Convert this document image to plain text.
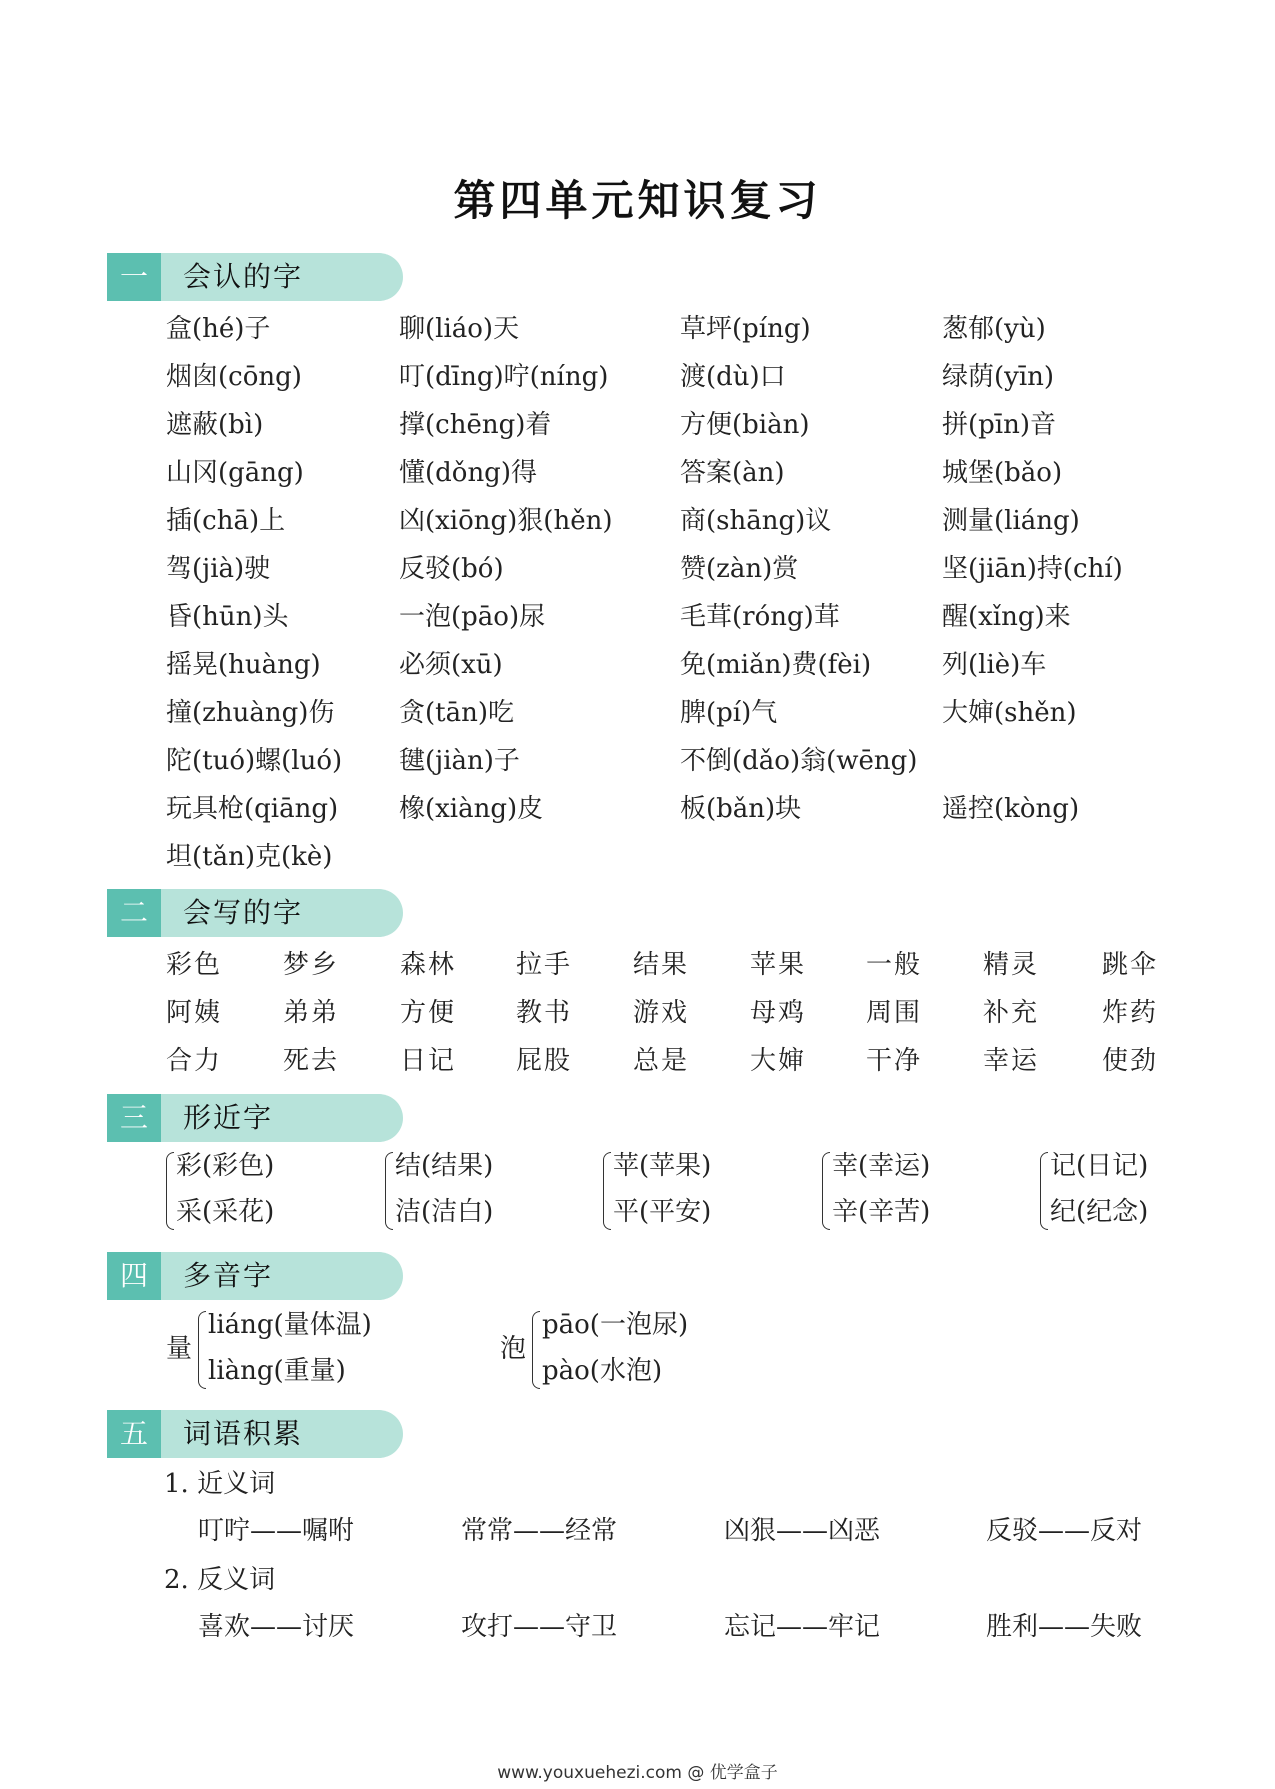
第四单元知识复习
一	会认的字
二	会写的字
三	形近字
四	多音字
五	词语积累
盒(hé)子	聊(liáo)天	草坪(píng)	葱郁(yù)
烟囱(cōng)	叮(dīng)咛(níng)	渡(dù)口	绿荫(yīn)
遮蔽(bì)	撑(chēng)着	方便(biàn)	拼(pīn)音
山冈(gāng)	懂(dǒng)得	答案(àn)	城堡(bǎo)
插(chā)上	凶(xiōng)狠(hěn)	商(shāng)议	测量(liáng)
驾(jià)驶	反驳(bó)	赞(zàn)赏	坚(jiān)持(chí)
昏(hūn)头	一泡(pāo)尿	毛茸(róng)茸	醒(xǐng)来
摇晃(huàng)	必须(xū)	免(miǎn)费(fèi)	列(liè)车
撞(zhuàng)伤 贪(tān)吃	脾(pí)气	大婶(shěn)
陀(tuó)螺(luó) 毽(jiàn)子	不倒(dǎo)翁(wēng)
玩具枪(qiāng) 橡(xiàng)皮	板(bǎn)块	遥控(kòng)
坦(tǎn)克(kè)
彩色 梦乡 森林 拉手 结果 苹果 一般 精灵 跳伞
阿姨 弟弟 方便 教书 游戏 母鸡 周围 补充 炸药
合力 死去 日记 屁股 总是 大婶 干净 幸运 使劲
彩(彩色)
采(采花)
结(结果)
洁(洁白)
苹(苹果)
平(平安)
幸(幸运)
辛(辛苦)
记(日记)
纪(纪念)
量
liáng(量体温)
liàng(重量)
泡
pāo(一泡尿)
pào(水泡)
1. 近义词
叮咛——嘱咐	常常——经常	凶狠——凶恶	反驳——反对
2. 反义词
喜欢——讨厌	攻打——守卫	忘记——牢记	胜利——失败
www.youxuehezi.com @ 优学盒子
